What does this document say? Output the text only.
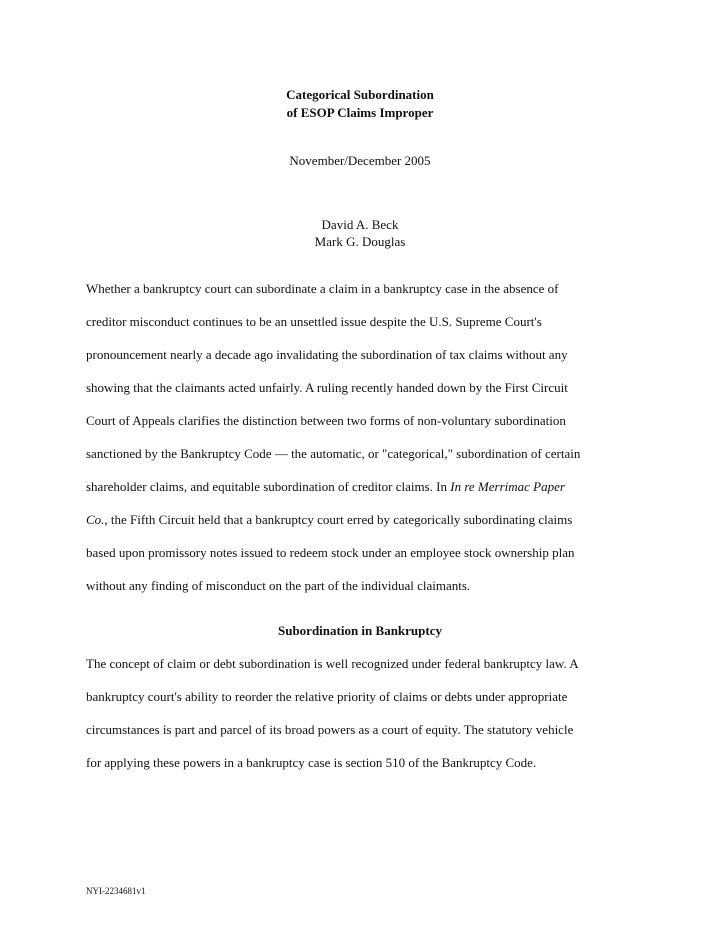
Categorical Subordination
of ESOP Claims Improper
November/December 2005
David A. Beck
Mark G. Douglas
Whether a bankruptcy court can subordinate a claim in a bankruptcy case in the absence of
creditor misconduct continues to be an unsettled issue despite the U.S. Supreme Court's
pronouncement nearly a decade ago invalidating the subordination of tax claims without any
showing that the claimants acted unfairly. A ruling recently handed down by the First Circuit
Court of Appeals clarifies the distinction between two forms of non-voluntary subordination
sanctioned by the Bankruptcy Code — the automatic, or "categorical," subordination of certain
shareholder claims, and equitable subordination of creditor claims. In In re Merrimac Paper
Co., the Fifth Circuit held that a bankruptcy court erred by categorically subordinating claims
based upon promissory notes issued to redeem stock under an employee stock ownership plan
without any finding of misconduct on the part of the individual claimants.
Subordination in Bankruptcy
The concept of claim or debt subordination is well recognized under federal bankruptcy law. A
bankruptcy court's ability to reorder the relative priority of claims or debts under appropriate
circumstances is part and parcel of its broad powers as a court of equity. The statutory vehicle
for applying these powers in a bankruptcy case is section 510 of the Bankruptcy Code.
NYI-2234681v1
